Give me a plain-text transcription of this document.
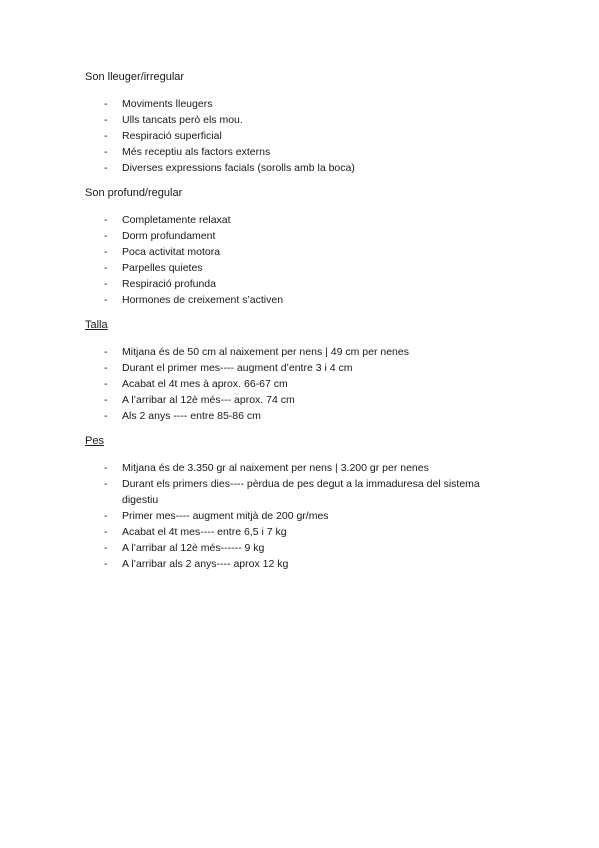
Son lleuger/irregular

- Moviments lleugers
- Ulls tancats però els mou.
- Respiració superficial
- Més receptiu als factors externs
- Diverses expressions facials (sorolls amb la boca)

Son profund/regular

- Completamente relaxat
- Dorm profundament
- Poca activitat motora
- Parpelles quietes
- Respiració profunda
- Hormones de creixement s’activen

Talla

- Mitjana és de 50 cm al naixement per nens | 49 cm per nenes
- Durant el primer mes---- augment d’entre 3 i 4 cm
- Acabat el 4t mes à aprox. 66-67 cm
- A l’arribar al 12è més--- aprox. 74 cm
- Als 2 anys ---- entre 85-86 cm

Pes

- Mitjana és de 3.350 gr al naixement per nens | 3.200 gr per nenes
- Durant els primers dies---- pèrdua de pes degut a la immaduresa del sistema digestiu
- Primer mes---- augment mitjà de 200 gr/mes
- Acabat el 4t mes---- entre 6,5 i 7 kg
- A l’arribar al 12è més------ 9 kg
- A l’arribar als 2 anys---- aprox 12 kg
